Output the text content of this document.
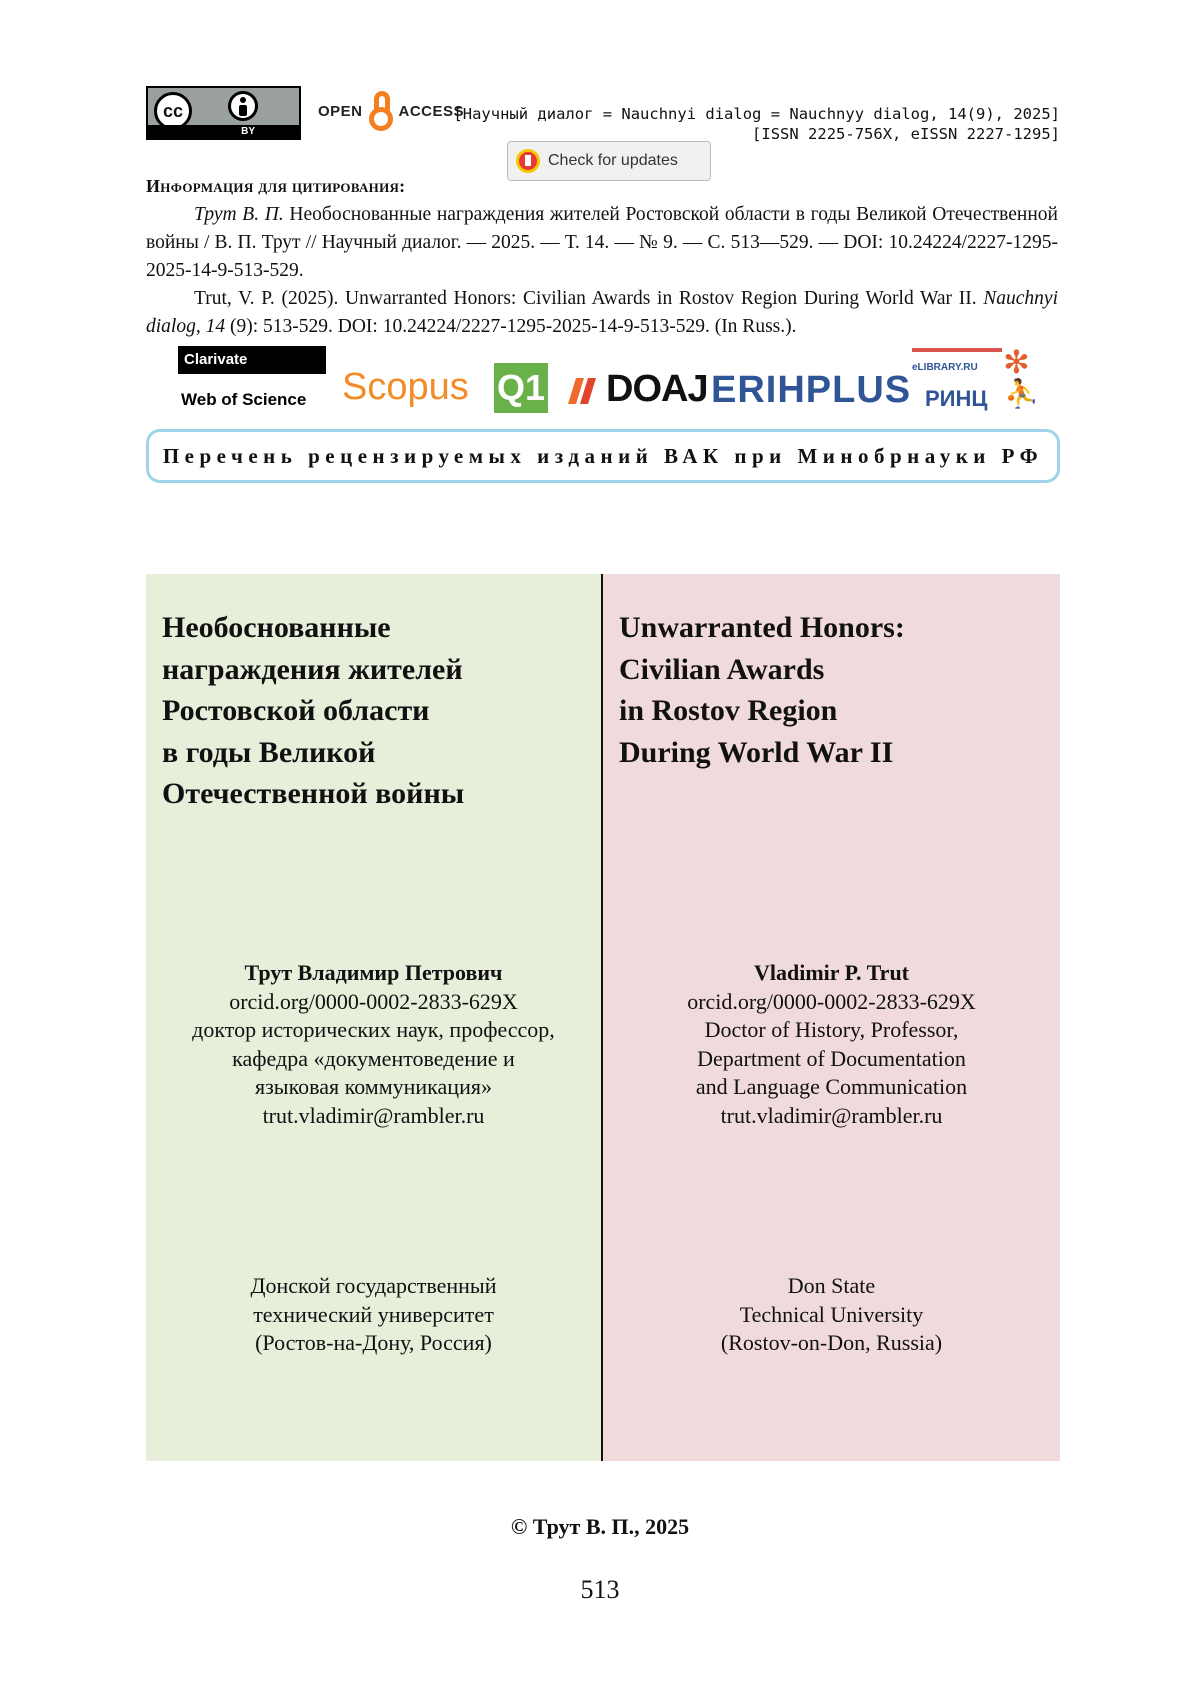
cc
BY
OPEN ACCESS
[Научный диалог = Nauchnyi dialog = Nauchnyy dialog, 14(9), 2025]
[ISSN 2225-756X, eISSN 2227-1295]
Check for updates
Информация для цитирования:

Трут В. П. Необоснованные награждения жителей Ростовской области в годы Великой Отечественной войны / В. П. Трут // Научный диалог. — 2025. — Т. 14. — № 9. — С. 513—529. — DOI: 10.24224/2227-1295-2025-14-9-513-529.

Trut, V. P. (2025). Unwarranted Honors: Civilian Awards in Rostov Region During World War II. Nauchnyi dialog, 14 (9): 513-529. DOI: 10.24224/2227-1295-2025-14-9-513-529. (In Russ.).

Clarivate
Web of Science Scopus Q1 DOAJ ERIHPLUS
eLIBRARY.RU
РИНЦ
✻
⛹
Перечень рецензируемых изданий ВАК при Минобрнауки РФ
Необоснованные
награждения жителей
Ростовской области
в годы Великой
Отечественной войны
Unwarranted Honors:
Civilian Awards
in Rostov Region
During World War II
Трут Владимир Петрович
orcid.org/0000-0002-2833-629X
доктор исторических наук, профессор,
кафедра «документоведение и
языковая коммуникация»
trut.vladimir@rambler.ru
Vladimir P. Trut
orcid.org/0000-0002-2833-629X
Doctor of History, Professor,
Department of Documentation
and Language Communication
trut.vladimir@rambler.ru
Донской государственный
технический университет
(Ростов-на-Дону, Россия)
Don State
Technical University
(Rostov-on-Don, Russia)
© Трут В. П., 2025
513
